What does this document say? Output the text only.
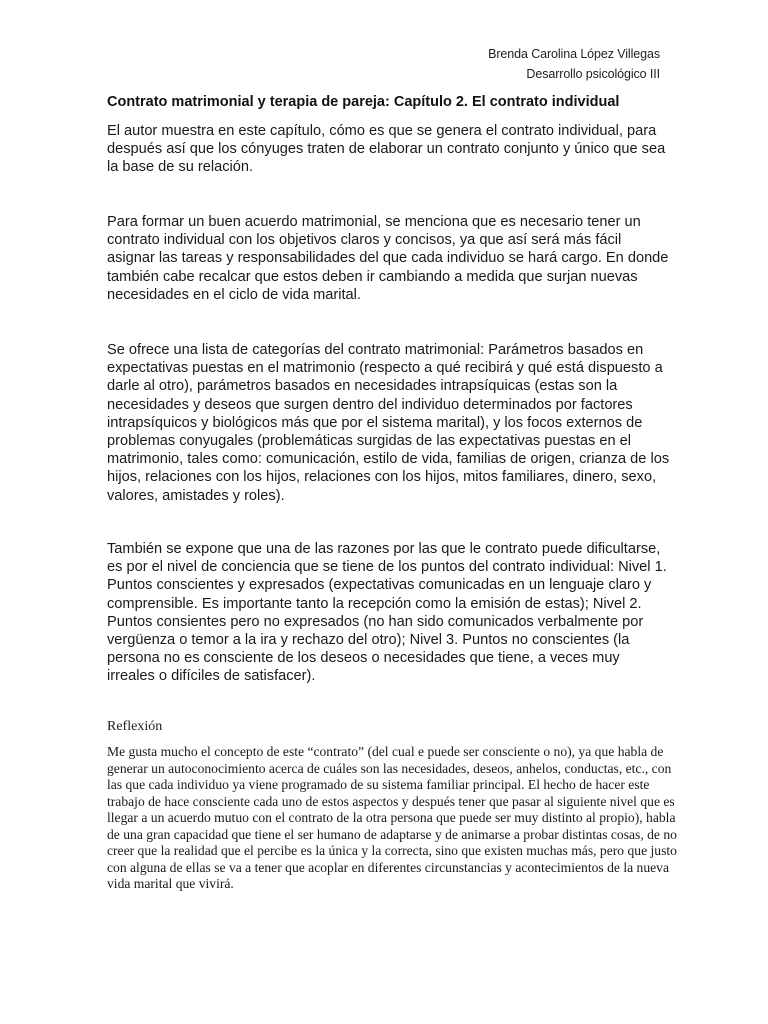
Brenda Carolina López Villegas
Desarrollo psicológico III
Contrato matrimonial y terapia de pareja: Capítulo 2. El contrato individual

El autor muestra en este capítulo, cómo es que se genera el contrato individual, para después así que los cónyuges traten de elaborar un contrato conjunto y único que sea la base de su relación.

Para formar un buen acuerdo matrimonial, se menciona que es necesario tener un contrato individual con los objetivos claros y concisos, ya que así será más fácil asignar las tareas y responsabilidades del que cada individuo se hará cargo. En donde también cabe recalcar que estos deben ir cambiando a medida que surjan nuevas necesidades en el ciclo de vida marital.

Se ofrece una lista de categorías del contrato matrimonial: Parámetros basados en expectativas puestas en el matrimonio (respecto a qué recibirá y qué está dispuesto a darle al otro), parámetros basados en necesidades intrapsíquicas (estas son la necesidades y deseos que surgen dentro del individuo determinados por factores intrapsíquicos y biológicos más que por el sistema marital), y los focos externos de problemas conyugales (problemáticas surgidas de las expectativas puestas en el matrimonio, tales como: comunicación, estilo de vida, familias de origen, crianza de los hijos, relaciones con los hijos, relaciones con los hijos, mitos familiares, dinero, sexo, valores, amistades y roles).

También se expone que una de las razones por las que le contrato puede dificultarse, es por el nivel de conciencia que se tiene de los puntos del contrato individual: Nivel 1. Puntos conscientes y expresados (expectativas comunicadas en un lenguaje claro y comprensible. Es importante tanto la recepción como la emisión de estas); Nivel 2. Puntos consientes pero no expresados (no han sido comunicados verbalmente por vergüenza o temor a la ira y rechazo del otro); Nivel 3. Puntos no conscientes (la persona no es consciente de los deseos o necesidades que tiene, a veces muy irreales o difíciles de satisfacer).

Reflexión

Me gusta mucho el concepto de este “contrato” (del cual e puede ser consciente o no), ya que habla de generar un autoconocimiento acerca de cuáles son las necesidades, deseos, anhelos, conductas, etc., con las que cada individuo ya viene programado de su sistema familiar principal. El hecho de hacer este trabajo de hace consciente cada uno de estos aspectos y después tener que pasar al siguiente nivel que es llegar a un acuerdo mutuo con el contrato de la otra persona que puede ser muy distinto al propio), habla de una gran capacidad que tiene el ser humano de adaptarse y de animarse a probar distintas cosas, de no creer que la realidad que el percibe es la única y la correcta, sino que existen muchas más, pero que justo con alguna de ellas se va a tener que acoplar en diferentes circunstancias y acontecimientos de la nueva vida marital que vivirá.
